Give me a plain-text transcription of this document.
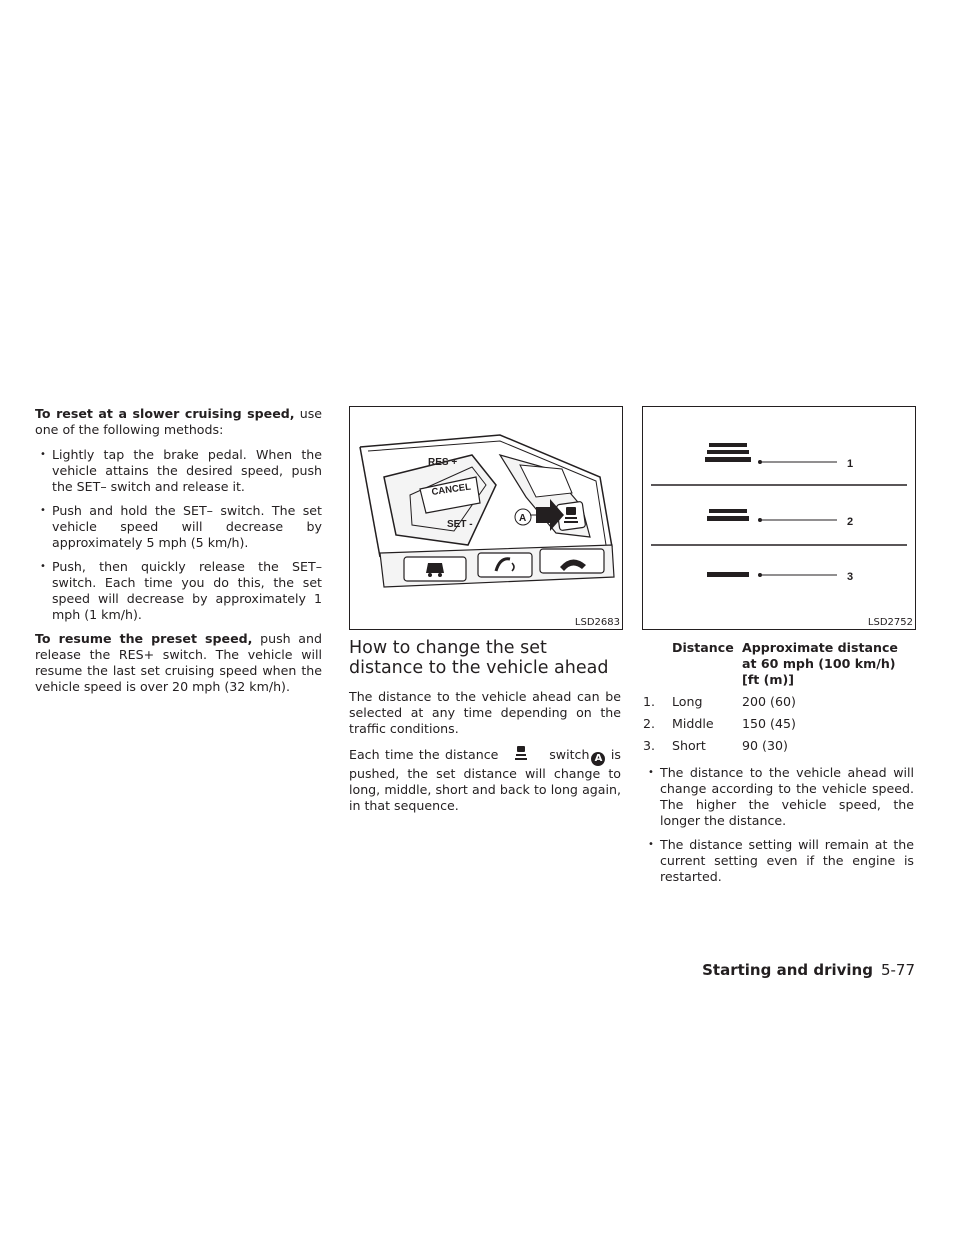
To reset at a slower cruising speed, use one of the following methods:

• Lightly tap the brake pedal. When the vehicle attains the desired speed, push the SET– switch and release it.
• Push and hold the SET– switch. The set vehicle speed will decrease by approximately 5 mph (5 km/h).
• Push, then quickly release the SET– switch. Each time you do this, the set speed will decrease by approximately 1 mph (1 km/h).

To resume the preset speed, push and release the RES+ switch. The vehicle will resume the last set cruising speed when the vehicle speed is over 20 mph (32 km/h).

RES +
CANCEL
SET -
A
LSD2683
1
2
3
LSD2752
How to change the set distance to the vehicle ahead

The distance to the vehicle ahead can be selected at any time depending on the traffic conditions.

Each time the distance	switch A is pushed, the set distance will change to long, middle, short and back to long again, in that sequence.

	Distance	Approximate distance at 60 mph (100 km/h) [ft (m)]
1.	Long	200 (60)
2.	Middle	150 (45)
3.	Short	90 (30)
• The distance to the vehicle ahead will change according to the vehicle speed. The higher the vehicle speed, the longer the distance.
• The distance setting will remain at the current setting even if the engine is restarted.
Starting and driving 5-77
